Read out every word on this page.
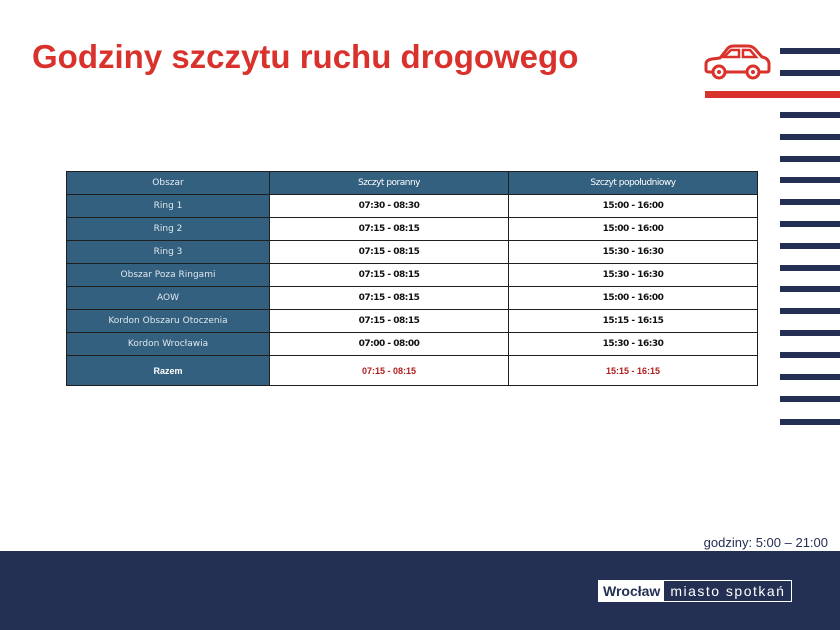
Godziny szczytu ruchu drogowego
Obszar	Szczyt poranny	Szczyt popołudniowy
Ring 1	07:30 - 08:30	15:00 - 16:00
Ring 2	07:15 - 08:15	15:00 - 16:00
Ring 3	07:15 - 08:15	15:30 - 16:30
Obszar Poza Ringami	07:15 - 08:15	15:30 - 16:30
AOW	07:15 - 08:15	15:00 - 16:00
Kordon Obszaru Otoczenia	07:15 - 08:15	15:15 - 16:15
Kordon Wrocławia	07:00 - 08:00	15:30 - 16:30
Razem	07:15 - 08:15	15:15 - 16:15
godziny: 5:00 – 21:00
Wrocław miasto spotkań
